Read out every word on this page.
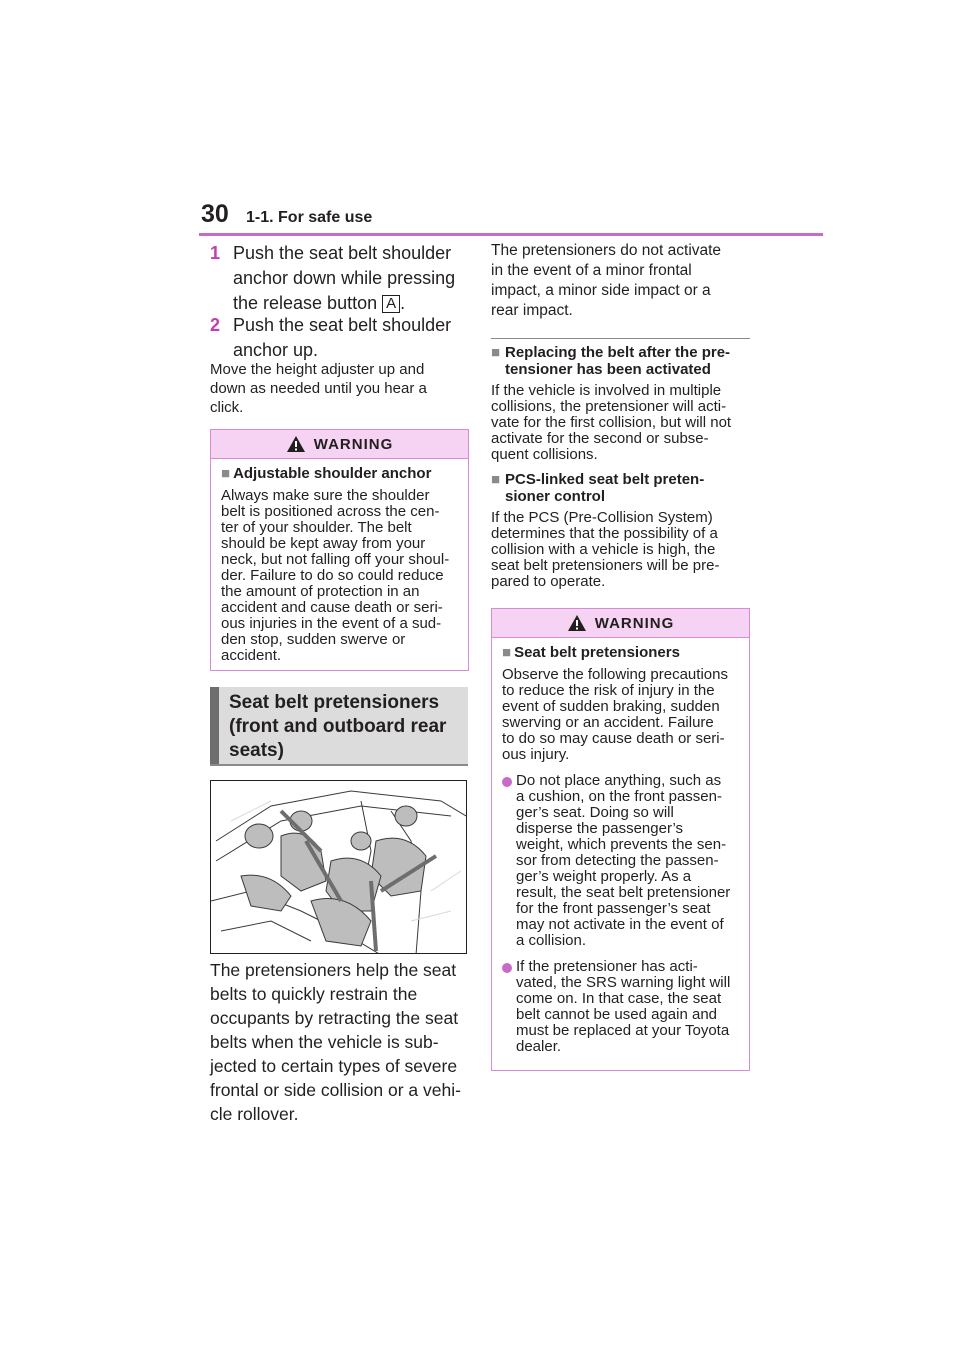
30 1-1. For safe use
1 Push the seat belt shoulder
anchor down while pressing
the release button A .
2 Push the seat belt shoulder
anchor up.
Move the height adjuster up and
down as needed until you hear a
click.
WARNING
■ Adjustable shoulder anchor
Always make sure the shoulder
belt is positioned across the cen-
ter of your shoulder. The belt
should be kept away from your
neck, but not falling off your shoul-
der. Failure to do so could reduce
the amount of protection in an
accident and cause death or seri-
ous injuries in the event of a sud-
den stop, sudden swerve or
accident.
Seat belt pretensioners
(front and outboard rear
seats)
The pretensioners help the seat
belts to quickly restrain the
occupants by retracting the seat
belts when the vehicle is sub-
jected to certain types of severe
frontal or side collision or a vehi-
cle rollover.
The pretensioners do not activate
in the event of a minor frontal
impact, a minor side impact or a
rear impact.
■ Replacing the belt after the pre-
tensioner has been activated
If the vehicle is involved in multiple
collisions, the pretensioner will acti-
vate for the first collision, but will not
activate for the second or subse-
quent collisions.
■ PCS-linked seat belt preten-
sioner control
If the PCS (Pre-Collision System)
determines that the possibility of a
collision with a vehicle is high, the
seat belt pretensioners will be pre-
pared to operate.
WARNING
■ Seat belt pretensioners
Observe the following precautions
to reduce the risk of injury in the
event of sudden braking, sudden
swerving or an accident. Failure
to do so may cause death or seri-
ous injury.
Do not place anything, such as
a cushion, on the front passen-
ger’s seat. Doing so will
disperse the passenger’s
weight, which prevents the sen-
sor from detecting the passen-
ger’s weight properly. As a
result, the seat belt pretensioner
for the front passenger’s seat
may not activate in the event of
a collision.
If the pretensioner has acti-
vated, the SRS warning light will
come on. In that case, the seat
belt cannot be used again and
must be replaced at your Toyota
dealer.
